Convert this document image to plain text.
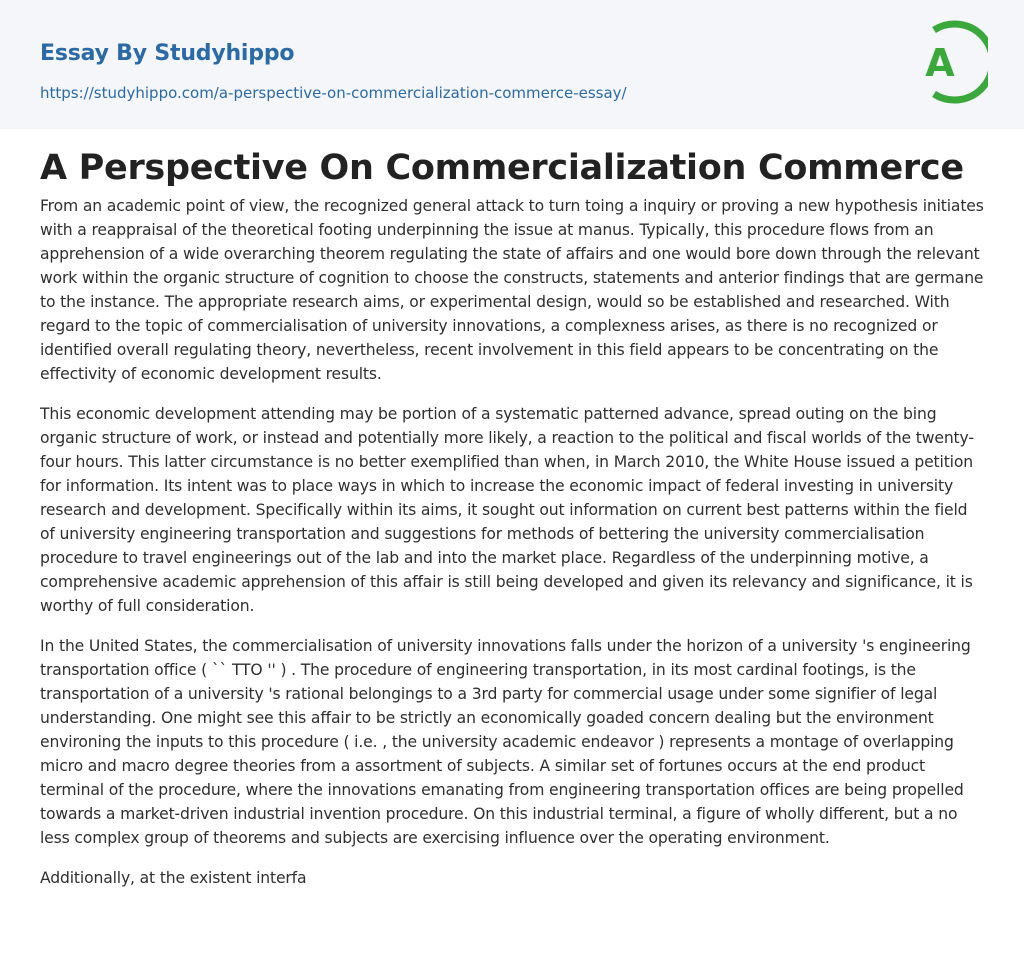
Essay By Studyhippo
https://studyhippo.com/a-perspective-on-commercialization-commerce-essay/
A
A Perspective On Commercialization Commerce

From an academic point of view, the recognized general attack to turn toing a inquiry or proving a new hypothesis initiates with a reappraisal of the theoretical footing underpinning the issue at manus. Typically, this procedure flows from an apprehension of a wide overarching theorem regulating the state of affairs and one would bore down through the relevant work within the organic structure of cognition to choose the constructs, statements and anterior findings that are germane to the instance. The appropriate research aims, or experimental design, would so be established and researched. With regard to the topic of commercialisation of university innovations, a complexness arises, as there is no recognized or identified overall regulating theory, nevertheless, recent involvement in this field appears to be concentrating on the effectivity of economic development results.

This economic development attending may be portion of a systematic patterned advance, spread outing on the bing organic structure of work, or instead and potentially more likely, a reaction to the political and fiscal worlds of the twenty-four hours. This latter circumstance is no better exemplified than when, in March 2010, the White House issued a petition for information. Its intent was to place ways in which to increase the economic impact of federal investing in university research and development. Specifically within its aims, it sought out information on current best patterns within the field of university engineering transportation and suggestions for methods of bettering the university commercialisation procedure to travel engineerings out of the lab and into the market place. Regardless of the underpinning motive, a comprehensive academic apprehension of this affair is still being developed and given its relevancy and significance, it is worthy of full consideration.

In the United States, the commercialisation of university innovations falls under the horizon of a university 's engineering transportation office ( `` TTO '' ) . The procedure of engineering transportation, in its most cardinal footings, is the transportation of a university 's rational belongings to a 3rd party for commercial usage under some signifier of legal understanding. One might see this affair to be strictly an economically goaded concern dealing but the environment environing the inputs to this procedure ( i.e. , the university academic endeavor ) represents a montage of overlapping micro and macro degree theories from a assortment of subjects. A similar set of fortunes occurs at the end product terminal of the procedure, where the innovations emanating from engineering transportation offices are being propelled towards a market-driven industrial invention procedure. On this industrial terminal, a figure of wholly different, but a no less complex group of theorems and subjects are exercising influence over the operating environment.

Additionally, at the existent interfa
